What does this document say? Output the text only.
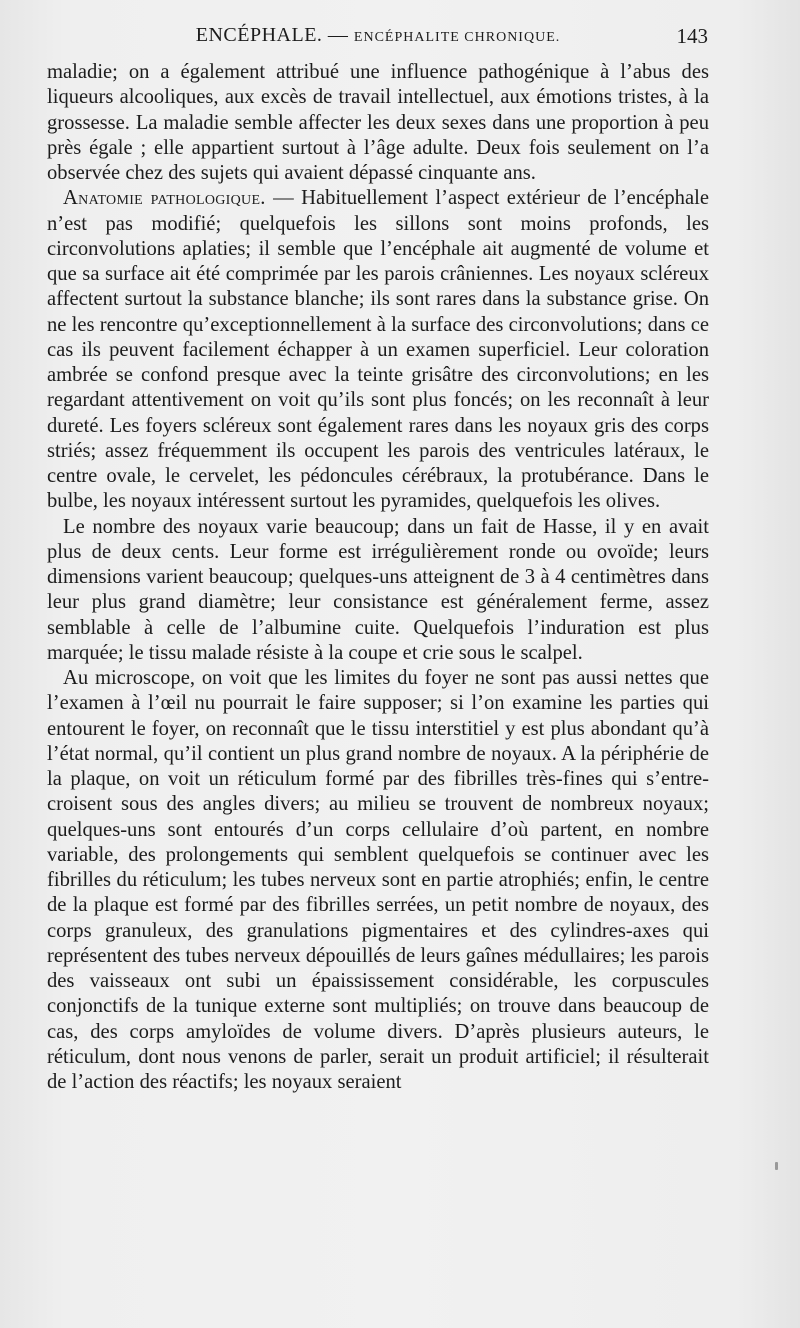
ENCÉPHALE. — ENCÉPHALITE CHRONIQUE.	143

maladie; on a également attribué une influence pathogénique à l’abus des liqueurs alcooliques, aux excès de travail intellectuel, aux émotions tristes, à la grossesse. La maladie semble affecter les deux sexes dans une proportion à peu près égale ; elle appartient surtout à l’âge adulte. Deux fois seulement on l’a observée chez des sujets qui avaient dépassé cinquante ans.

Anatomie pathologique. — Habituellement l’aspect extérieur de l’encéphale n’est pas modifié; quelquefois les sillons sont moins profonds, les circonvolutions aplaties; il semble que l’encéphale ait augmenté de volume et que sa surface ait été comprimée par les parois crâniennes. Les noyaux scléreux affectent surtout la substance blanche; ils sont rares dans la substance grise. On ne les rencontre qu’exceptionnellement à la surface des circonvolutions; dans ce cas ils peuvent facilement échapper à un examen superficiel. Leur coloration ambrée se confond presque avec la teinte grisâtre des circonvolutions; en les regardant attentivement on voit qu’ils sont plus foncés; on les reconnaît à leur dureté. Les foyers scléreux sont également rares dans les noyaux gris des corps striés; assez fréquemment ils occupent les parois des ventricules latéraux, le centre ovale, le cervelet, les pédoncules cérébraux, la protubérance. Dans le bulbe, les noyaux intéressent surtout les pyramides, quelquefois les olives.

Le nombre des noyaux varie beaucoup; dans un fait de Hasse, il y en avait plus de deux cents. Leur forme est irrégulièrement ronde ou ovoïde; leurs dimensions varient beaucoup; quelques-uns atteignent de 3 à 4 centimètres dans leur plus grand diamètre; leur consistance est généralement ferme, assez semblable à celle de l’albumine cuite. Quelquefois l’induration est plus marquée; le tissu malade résiste à la coupe et crie sous le scalpel.

Au microscope, on voit que les limites du foyer ne sont pas aussi nettes que l’examen à l’œil nu pourrait le faire supposer; si l’on examine les parties qui entourent le foyer, on reconnaît que le tissu interstitiel y est plus abondant qu’à l’état normal, qu’il contient un plus grand nombre de noyaux. A la périphérie de la plaque, on voit un réticulum formé par des fibrilles très-fines qui s’entre-croisent sous des angles divers; au milieu se trouvent de nombreux noyaux; quelques-uns sont entourés d’un corps cellulaire d’où partent, en nombre variable, des prolongements qui semblent quelquefois se continuer avec les fibrilles du réticulum; les tubes nerveux sont en partie atrophiés; enfin, le centre de la plaque est formé par des fibrilles serrées, un petit nombre de noyaux, des corps granuleux, des granulations pigmentaires et des cylindres-axes qui représentent des tubes nerveux dépouillés de leurs gaînes médullaires; les parois des vaisseaux ont subi un épaississement considérable, les corpuscules conjonctifs de la tunique externe sont multipliés; on trouve dans beaucoup de cas, des corps amyloïdes de volume divers. D’après plusieurs auteurs, le réticulum, dont nous venons de parler, serait un produit artificiel; il résulterait de l’action des réactifs; les noyaux seraient
